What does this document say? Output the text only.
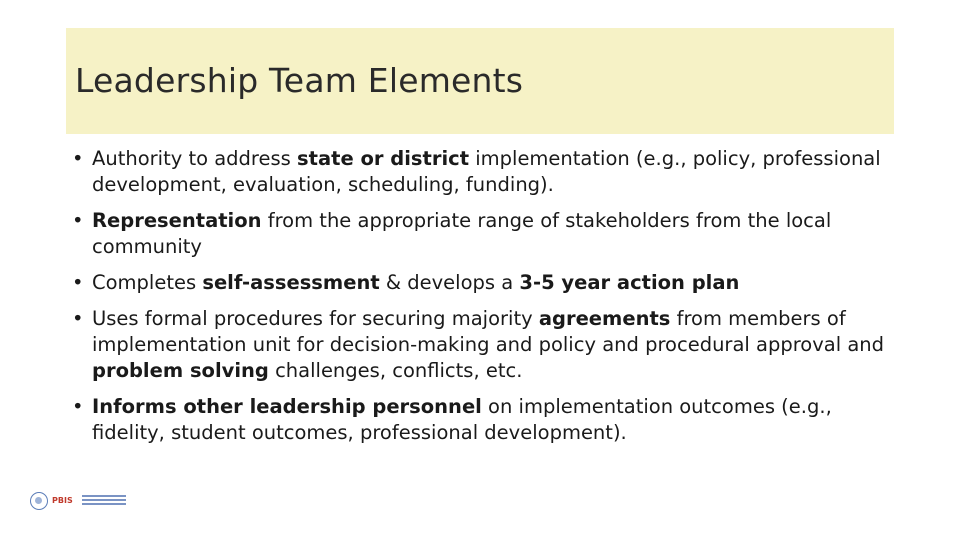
Leadership Team Elements
• Authority to address state or district implementation (e.g., policy, professional development, evaluation, scheduling, funding).
• Representation from the appropriate range of stakeholders from the local community
• Completes self-assessment & develops a 3-5 year action plan
• Uses formal procedures for securing majority agreements from members of implementation unit for decision-making and policy and procedural approval and problem solving challenges, conflicts, etc.
• Informs other leadership personnel on implementation outcomes (e.g., fidelity, student outcomes, professional development).
PBIS
